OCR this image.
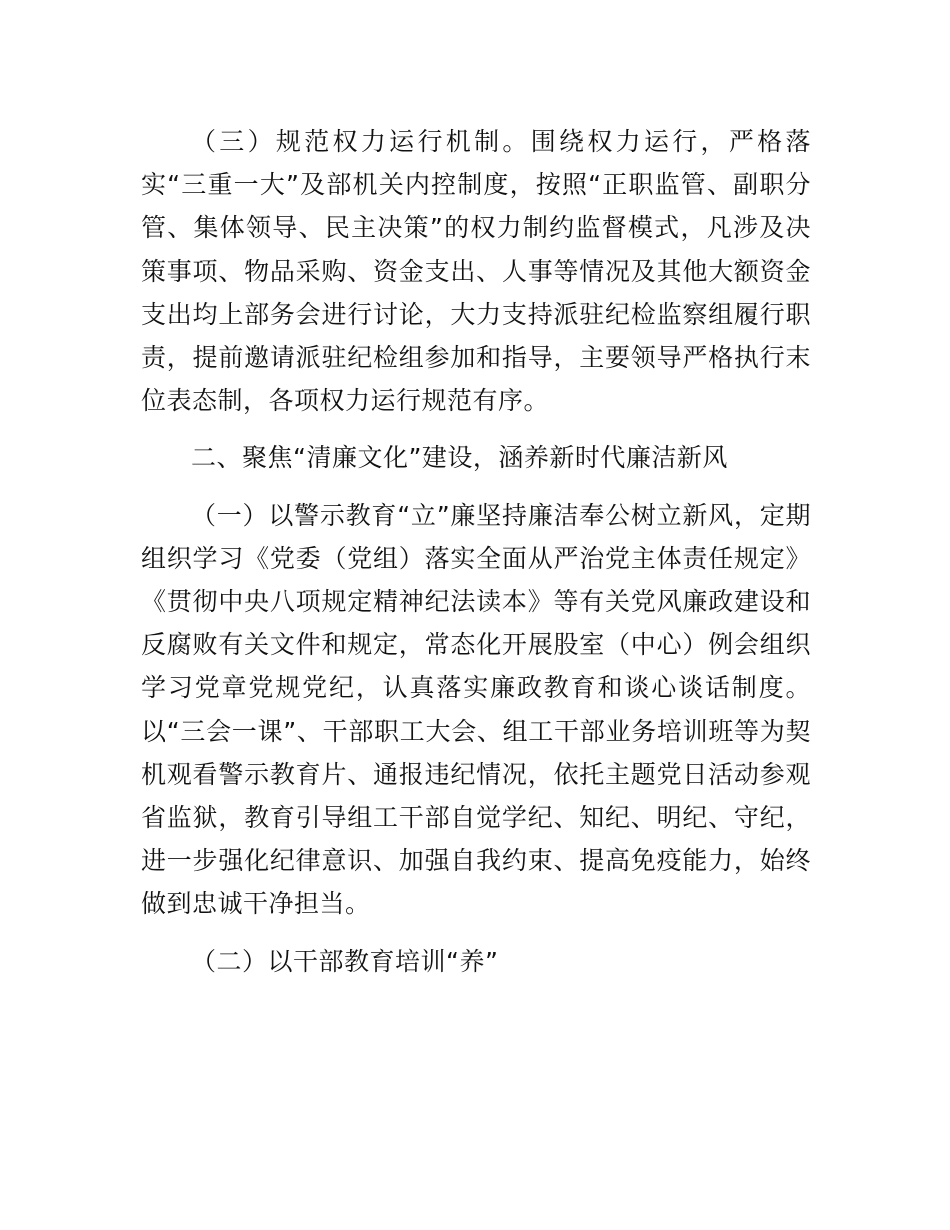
（三）规范权力运行机制。围绕权力运行，严格落实“三重一大”及部机关内控制度，按照“正职监管、副职分管、集体领导、民主决策”的权力制约监督模式，凡涉及决策事项、物品采购、资金支出、人事等情况及其他大额资金支出均上部务会进行讨论，大力支持派驻纪检监察组履行职责，提前邀请派驻纪检组参加和指导，主要领导严格执行末位表态制，各项权力运行规范有序。

二、聚焦“清廉文化”建设，涵养新时代廉洁新风

（一）以警示教育“立”廉坚持廉洁奉公树立新风，定期组织学习《党委（党组）落实全面从严治党主体责任规定》《贯彻中央八项规定精神纪法读本》等有关党风廉政建设和反腐败有关文件和规定，常态化开展股室（中心）例会组织学习党章党规党纪，认真落实廉政教育和谈心谈话制度。以“三会一课”、干部职工大会、组工干部业务培训班等为契机观看警示教育片、通报违纪情况，依托主题党日活动参观省监狱，教育引导组工干部自觉学纪、知纪、明纪、守纪，进一步强化纪律意识、加强自我约束、提高免疫能力，始终做到忠诚干净担当。

（二）以干部教育培训“养”
